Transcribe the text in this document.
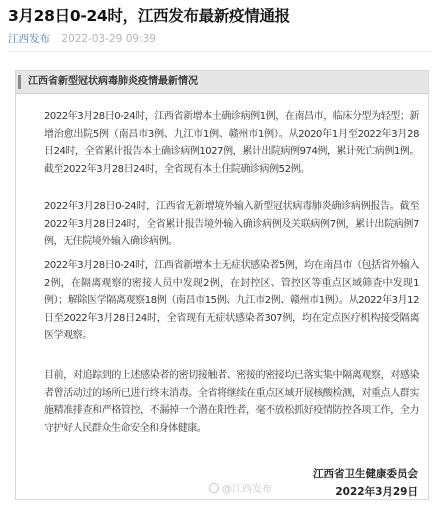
3月28日0-24时，江西发布最新疫情通报
江西发布 2022-03-29 09:39
江西省新型冠状病毒肺炎疫情最新情况
2022年3月28日0-24时，江西省新增本土确诊病例1例，在南昌市，临床分型为轻型；新增治愈出院5例（南昌市3例、九江市1例、赣州市1例）。从2020年1月至2022年3月28日24时，全省累计报告本土确诊病例1027例，累计出院病例974例，累计死亡病例1例。截至2022年3月28日24时，全省现有本土住院确诊病例52例。
2022年3月28日0-24时，江西省无新增境外输入新型冠状病毒肺炎确诊病例报告。截至2022年3月28日24时，全省累计报告境外输入确诊病例及关联病例7例，累计出院病例7例，无住院境外输入确诊病例。
2022年3月28日0-24时，江西省新增本土无症状感染者5例，均在南昌市（包括省外输入2例，在隔离观察的密接人员中发现2例，在封控区、管控区等重点区域筛查中发现1例）；解除医学隔离观察18例（南昌市15例、九江市2例、赣州市1例）。从2022年3月12日至2022年3月28日24时，全省现有无症状感染者307例，均在定点医疗机构接受隔离医学观察。
目前，对追踪到的上述感染者的密切接触者、密接的密接均已落实集中隔离观察，对感染者曾活动过的场所已进行终末消毒。全省将继续在重点区域开展核酸检测，对重点人群实施精准排查和严格管控，不漏掉一个潜在阳性者，毫不放松抓好疫情防控各项工作，全力守护好人民群众生命安全和身体健康。
@江西发布
江西省卫生健康委员会
2022年3月29日
